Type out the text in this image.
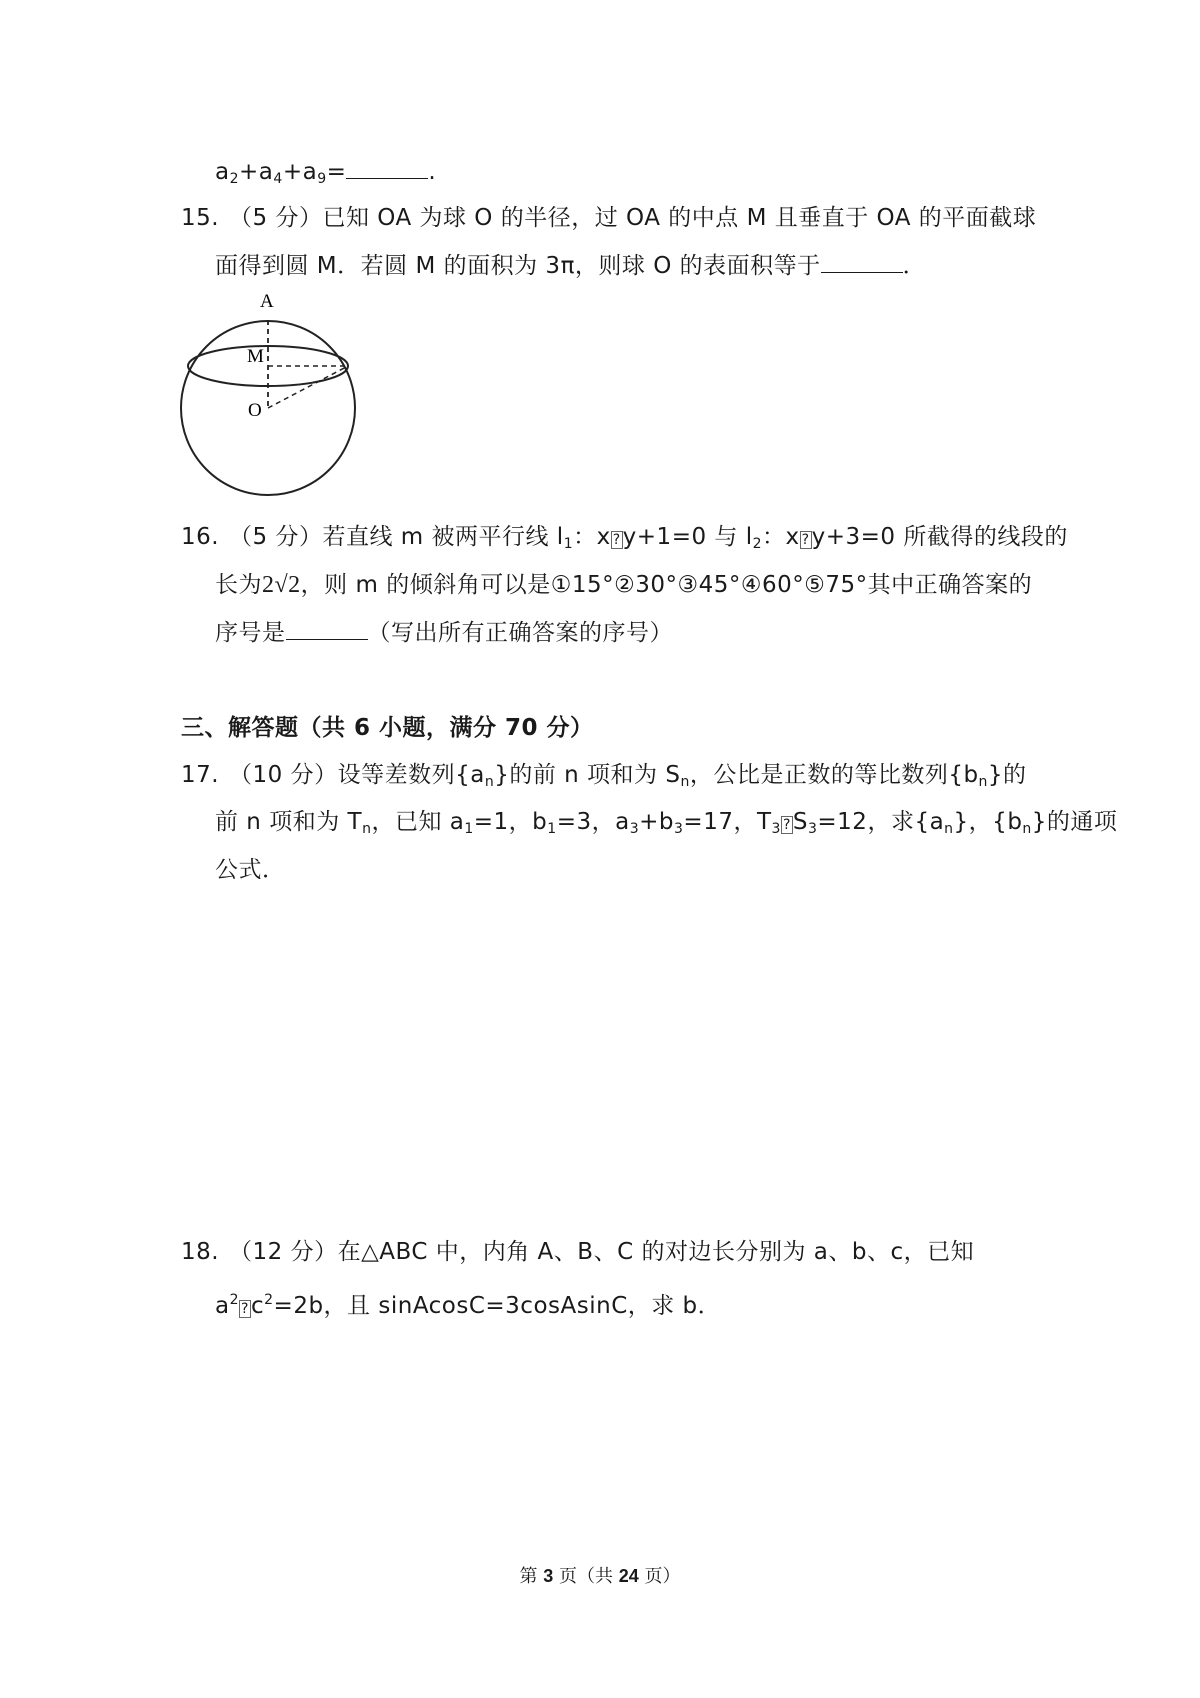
$a_2+a_4+a_9=$	.
15. （5 分）已知 OA 为球 O 的半径，过 OA 的中点 M 且垂直于 OA 的平面截球
面得到圆 M．若圆 M 的面积为 3π，则球 O 的表面积等于	．
A
M
O
16. （5 分）若直线 m 被两平行线 $l_1$：x ?y+1=0 与 $l_2$：x ?y+3=0 所截得的线段的
长为2√2，则 m 的倾斜角可以是①15°②30°③45°④60°⑤75°其中正确答案的
序号是	（写出所有正确答案的序号）
三、解答题（共 6 小题，满分 70 分）
17. （10 分）设等差数列$\{a_n\}$的前 n 项和为 $S_n$，公比是正数的等比数列$\{b_n\}$的
前 n 项和为 $T_n$，已知 $a_1=1$，$b_1=3$，$a_3+b_3=17$，$T_3$ $?S_3=12$，求$\{a_n\}$，$\{b_n\}$的通项
公式．
18. （12 分）在△ABC 中，内角 A、B、C 的对边长分别为 a、b、c，已知
$a^2?c^2=2b$，且 sinAcosC=3cosAsinC，求 b．
第 3 页（共 24 页）
